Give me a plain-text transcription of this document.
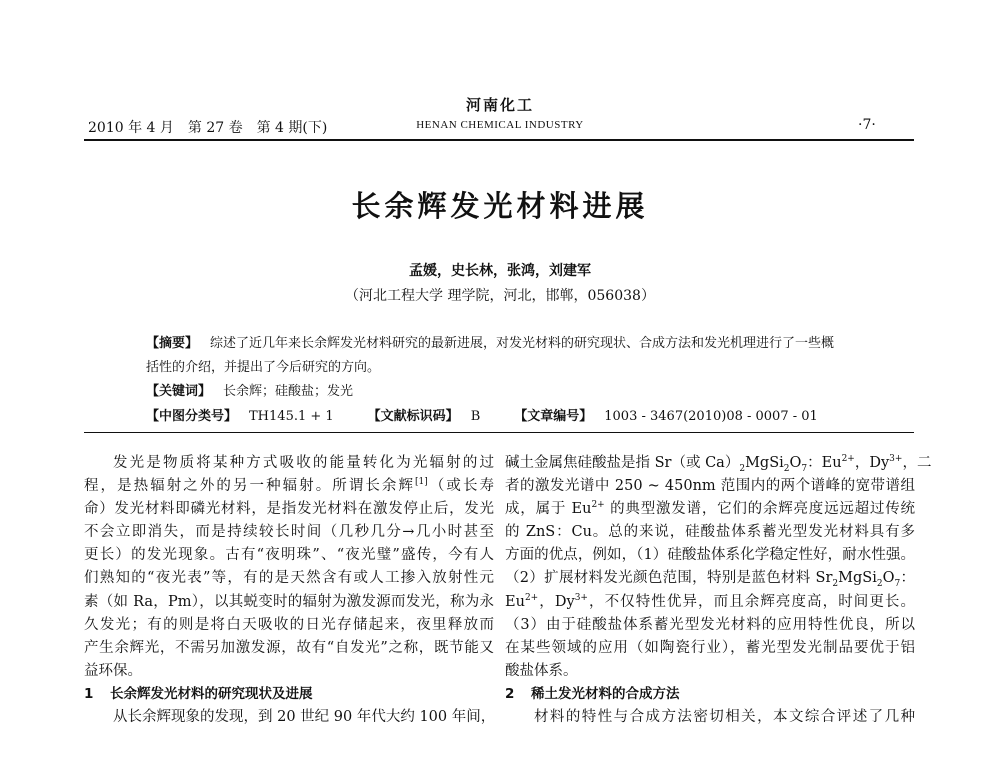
河南化工
2010 年 4 月　第 27 卷　第 4 期(下)	HENAN CHEMICAL INDUSTRY	·7·
长余辉发光材料进展
孟媛，史长林，张鸿，刘建军
（河北工程大学 理学院，河北，邯郸，056038）
【摘要】 综述了近几年来长余辉发光材料研究的最新进展，对发光材料的研究现状、合成方法和发光机理进行了一些概
括性的介绍，并提出了今后研究的方向。
【关键词】 长余辉；硅酸盐；发光
【中图分类号】 TH145.1 + 1	【文献标识码】 B	【文章编号】 1003 - 3467(2010)08 - 0007 - 01
发光是物质将某种方式吸收的能量转化为光辐射的过
程，是热辐射之外的另一种辐射。所谓长余辉[1]（或长寿
命）发光材料即磷光材料，是指发光材料在激发停止后，发光
不会立即消失，而是持续较长时间（几秒几分→几小时甚至
更长）的发光现象。古有“夜明珠”、“夜光璧”盛传，今有人
们熟知的“夜光表”等，有的是天然含有或人工掺入放射性元
素（如 Ra，Pm），以其蜕变时的辐射为激发源而发光，称为永
久发光；有的则是将白天吸收的日光存储起来，夜里释放而
产生余辉光，不需另加激发源，故有“自发光”之称，既节能又
益环保。
1 长余辉发光材料的研究现状及进展
从长余辉现象的发现，到 20 世纪 90 年代大约 100 年间，
碱土金属焦硅酸盐是指 Sr（或 $Ca)_2MgSi_2O_7$：$Eu^{2+}$，$Dy^{3+}$，二
者的激发光谱中 250 ~ 450nm 范围内的两个谱峰的宽带谱组
成，属于 $Eu^{2+}$ 的典型激发谱，它们的余辉亮度远远超过传统
的 ZnS：Cu。总的来说，硅酸盐体系蓄光型发光材料具有多
方面的优点，例如，（1）硅酸盐体系化学稳定性好，耐水性强。
（2）扩展材料发光颜色范围，特别是蓝色材料 $Sr_2MgSi_2O_7$：
$Eu^{2+}$，$Dy^{3+}$，不仅特性优异，而且余辉亮度高，时间更长。
（3）由于硅酸盐体系蓄光型发光材料的应用特性优良，所以
在某些领域的应用（如陶瓷行业），蓄光型发光制品要优于铝
酸盐体系。
2 稀土发光材料的合成方法
材料的特性与合成方法密切相关，本文综合评述了几种
